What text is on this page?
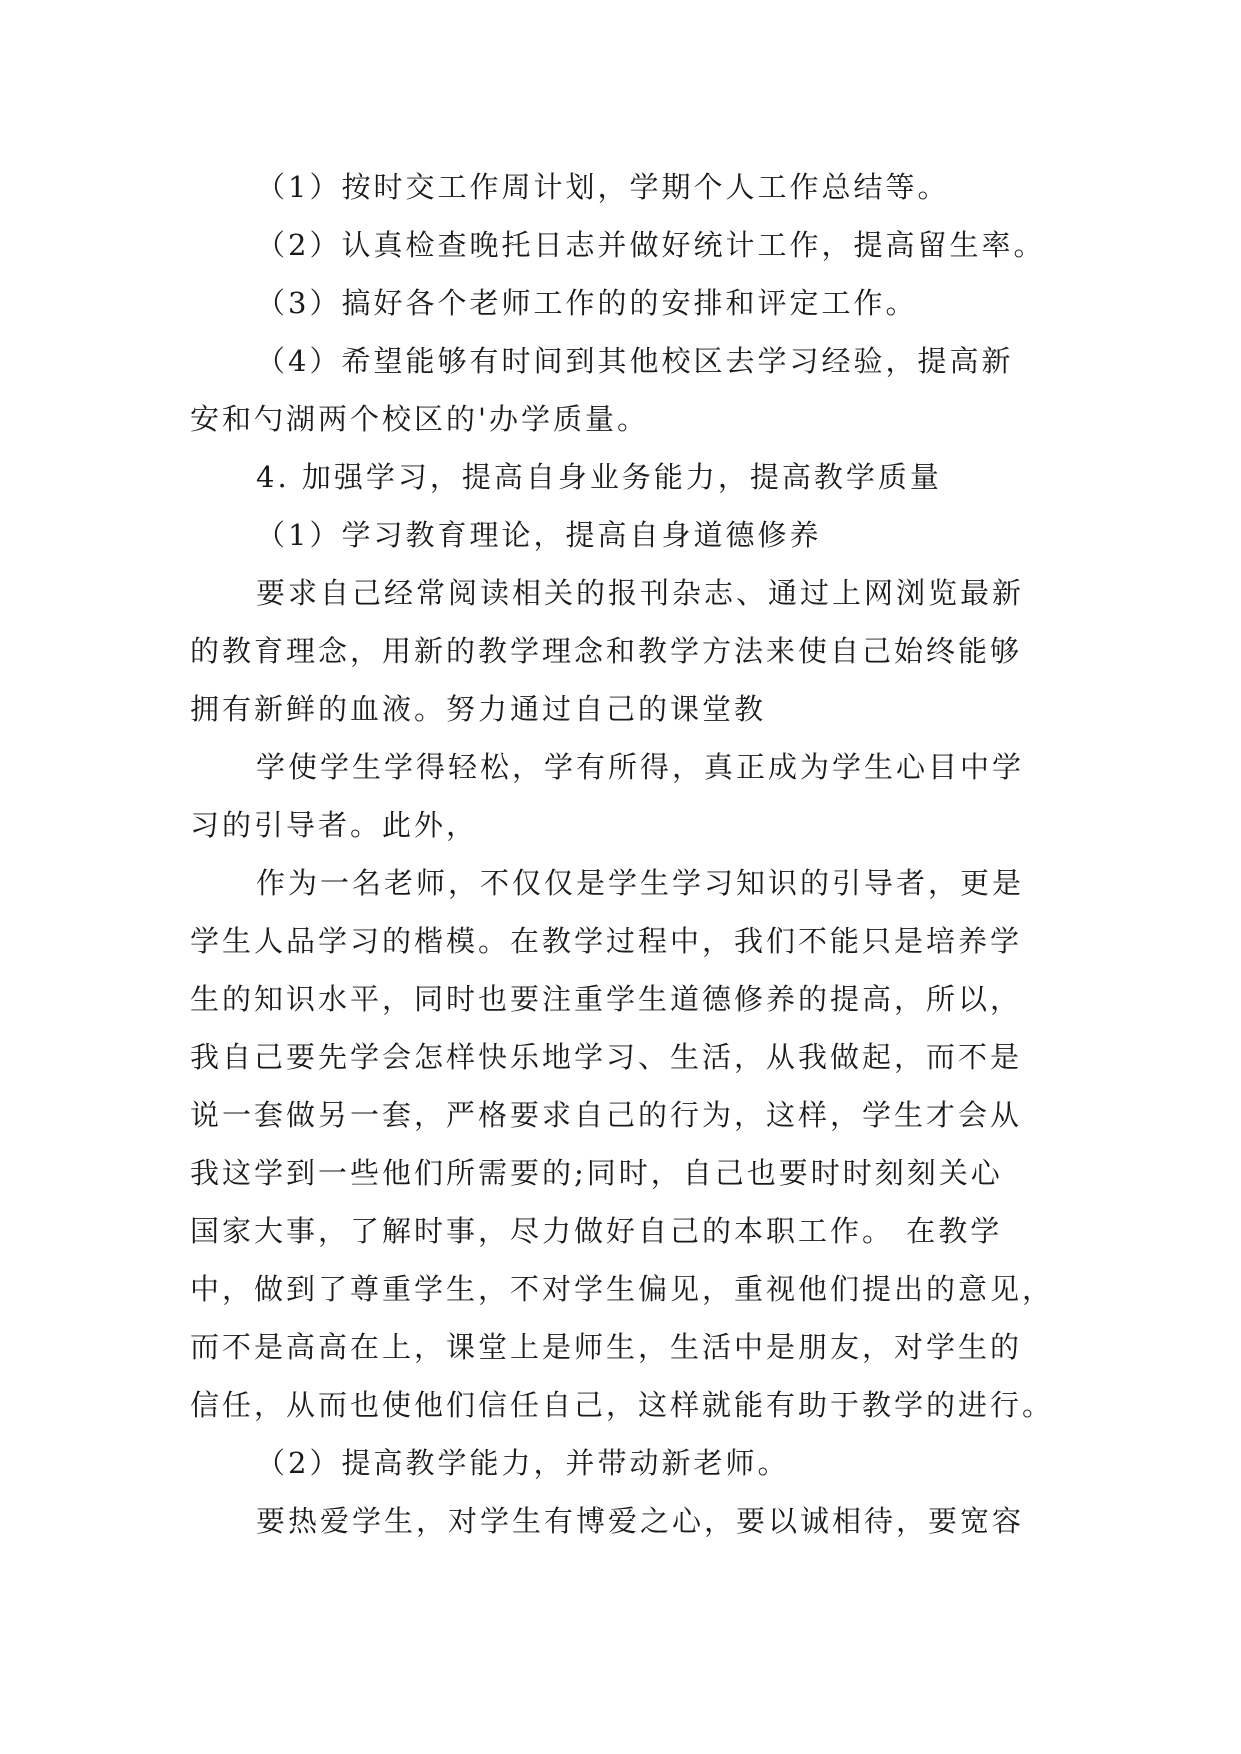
（1）按时交工作周计划，学期个人工作总结等。
（2）认真检查晚托日志并做好统计工作，提高留生率。
（3）搞好各个老师工作的的安排和评定工作。
（4）希望能够有时间到其他校区去学习经验，提高新
安和勺湖两个校区的'办学质量。
4. 加强学习，提高自身业务能力，提高教学质量
（1）学习教育理论，提高自身道德修养
要求自己经常阅读相关的报刊杂志、通过上网浏览最新
的教育理念，用新的教学理念和教学方法来使自己始终能够
拥有新鲜的血液。努力通过自己的课堂教
学使学生学得轻松，学有所得，真正成为学生心目中学
习的引导者。此外，
作为一名老师，不仅仅是学生学习知识的引导者，更是
学生人品学习的楷模。在教学过程中，我们不能只是培养学
生的知识水平，同时也要注重学生道德修养的提高，所以，
我自己要先学会怎样快乐地学习、生活，从我做起，而不是
说一套做另一套，严格要求自己的行为，这样，学生才会从
我这学到一些他们所需要的;同时，自己也要时时刻刻关心
国家大事，了解时事，尽力做好自己的本职工作。 在教学
中，做到了尊重学生，不对学生偏见，重视他们提出的意见，
而不是高高在上，课堂上是师生，生活中是朋友，对学生的
信任，从而也使他们信任自己，这样就能有助于教学的进行。
（2）提高教学能力，并带动新老师。
要热爱学生，对学生有博爱之心，要以诚相待，要宽容
